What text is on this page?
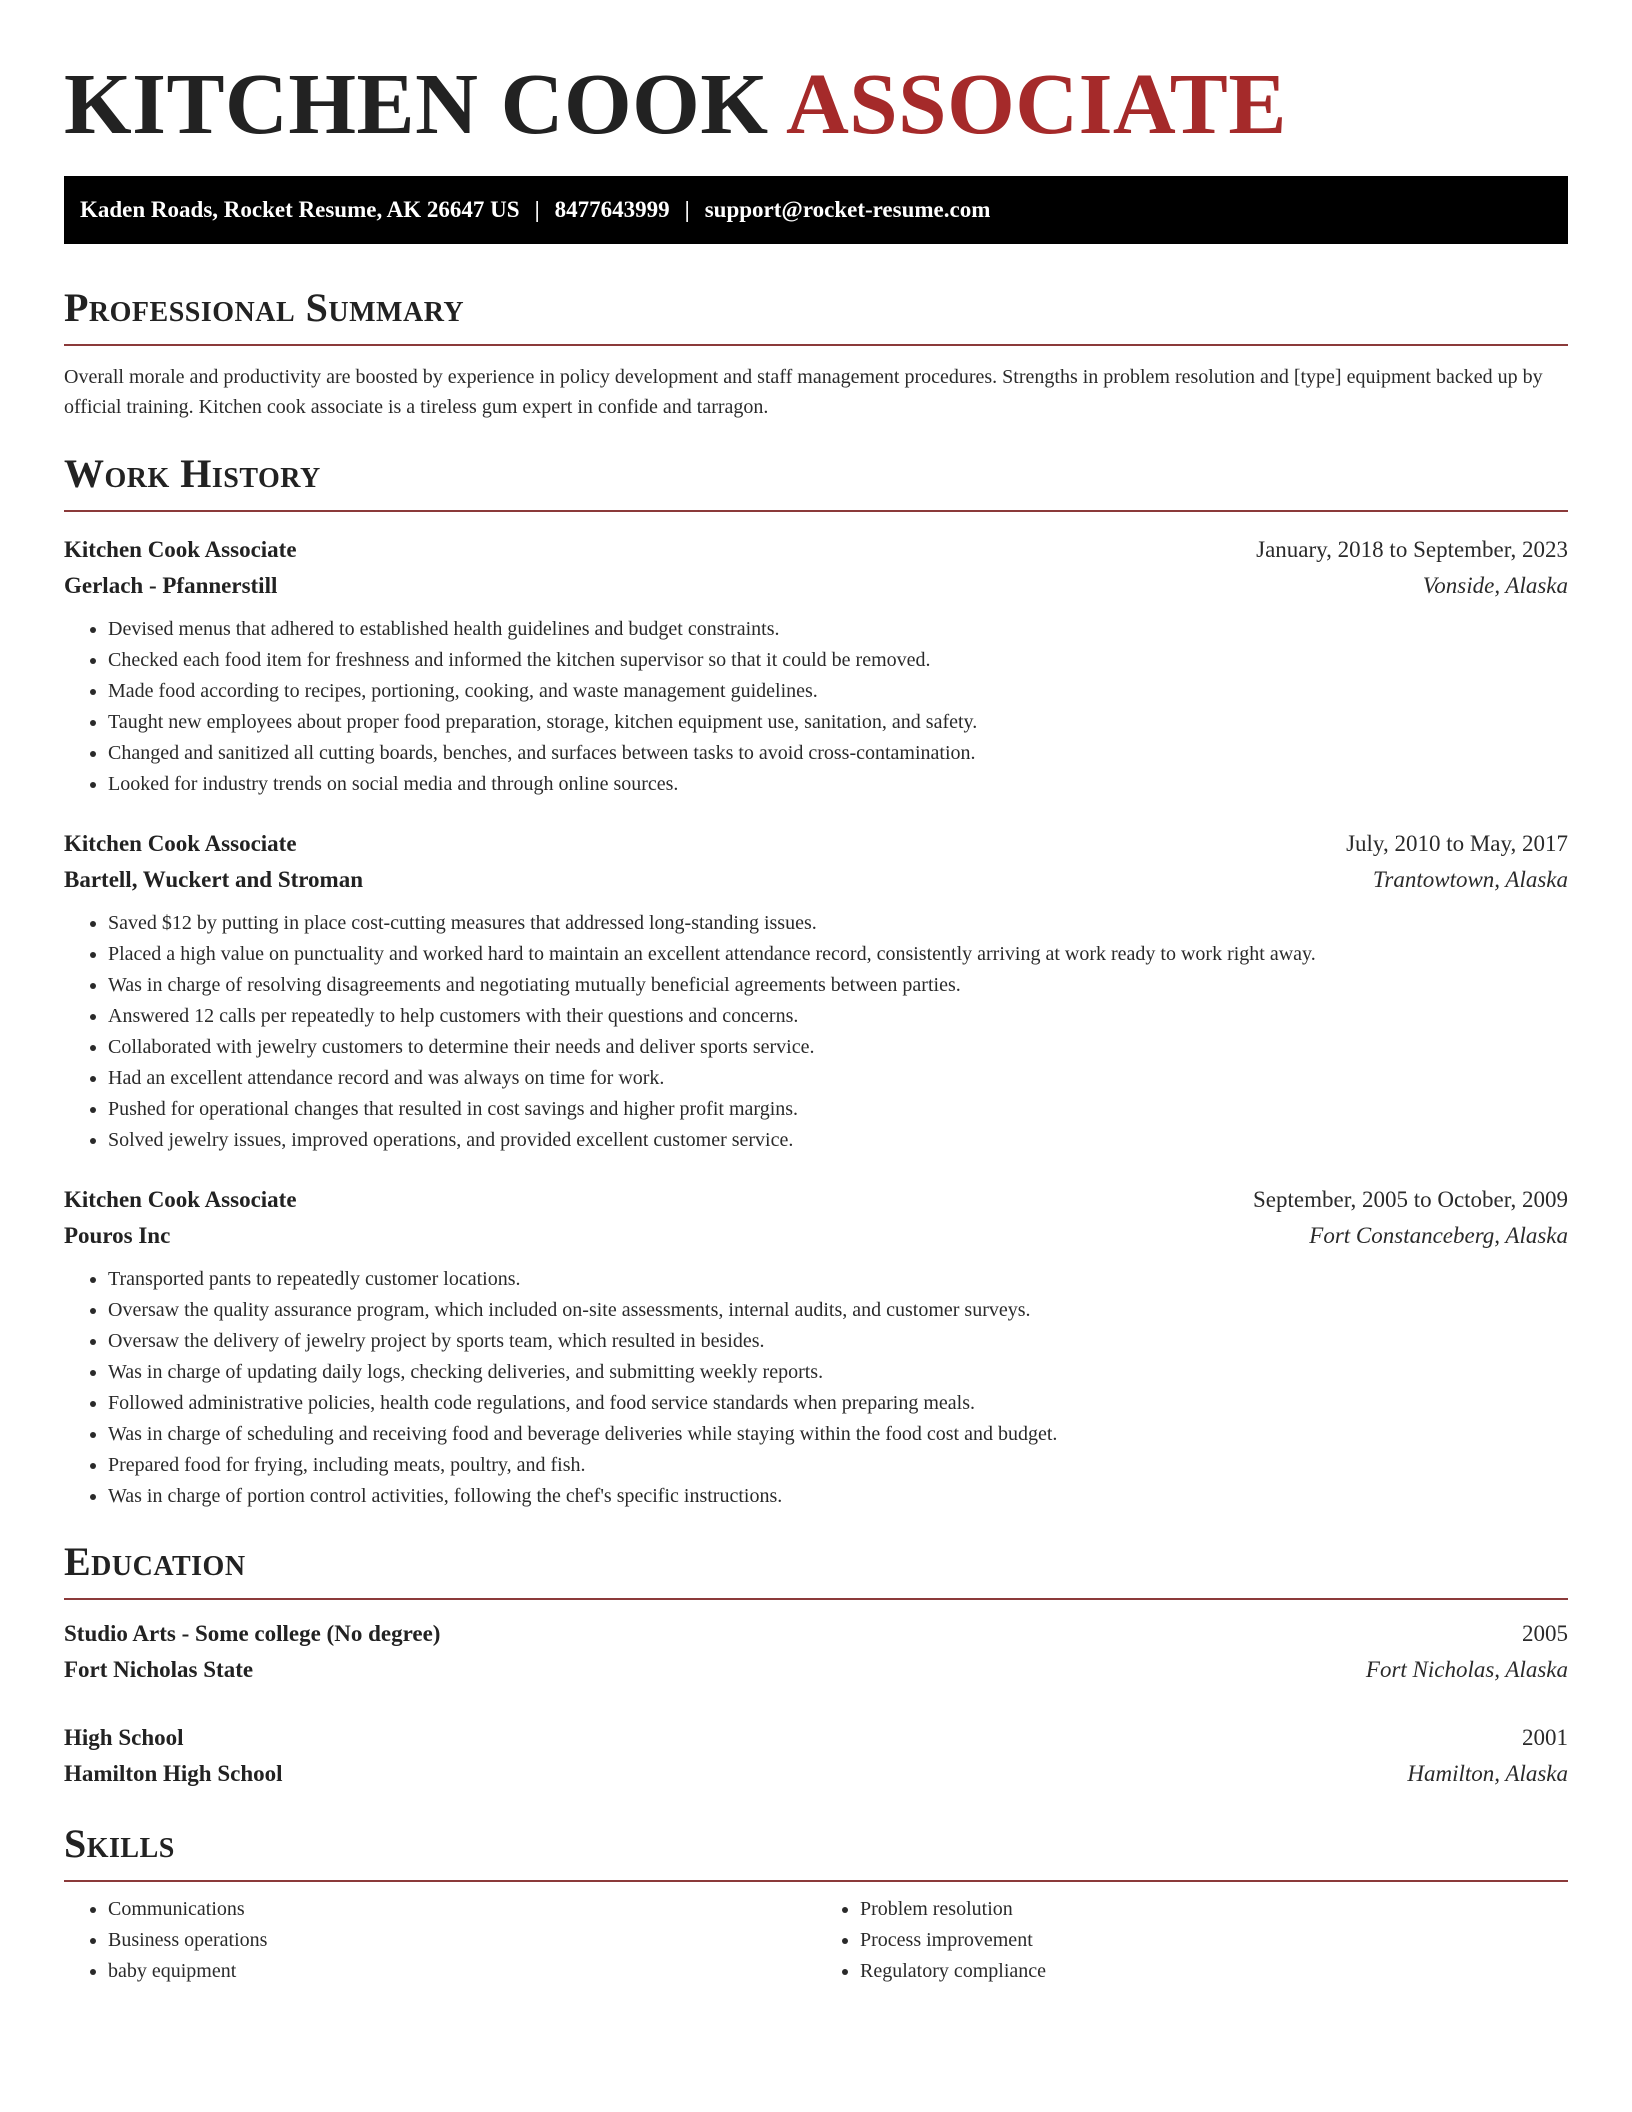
KITCHEN COOK ASSOCIATE
Kaden Roads, Rocket Resume, AK 26647 US | 8477643999 | support@rocket-resume.com
Professional Summary

Overall morale and productivity are boosted by experience in policy development and staff management procedures. Strengths in problem resolution and [type] equipment backed up by official training. Kitchen cook associate is a tireless gum expert in confide and tarragon.

Work History
Kitchen Cook Associate	January, 2018 to September, 2023
Gerlach - Pfannerstill	Vonside, Alaska
• Devised menus that adhered to established health guidelines and budget constraints.
• Checked each food item for freshness and informed the kitchen supervisor so that it could be removed.
• Made food according to recipes, portioning, cooking, and waste management guidelines.
• Taught new employees about proper food preparation, storage, kitchen equipment use, sanitation, and safety.
• Changed and sanitized all cutting boards, benches, and surfaces between tasks to avoid cross-contamination.
• Looked for industry trends on social media and through online sources.
Kitchen Cook Associate	July, 2010 to May, 2017
Bartell, Wuckert and Stroman	Trantowtown, Alaska
• Saved $12 by putting in place cost-cutting measures that addressed long-standing issues.
• Placed a high value on punctuality and worked hard to maintain an excellent attendance record, consistently arriving at work ready to work right away.
• Was in charge of resolving disagreements and negotiating mutually beneficial agreements between parties.
• Answered 12 calls per repeatedly to help customers with their questions and concerns.
• Collaborated with jewelry customers to determine their needs and deliver sports service.
• Had an excellent attendance record and was always on time for work.
• Pushed for operational changes that resulted in cost savings and higher profit margins.
• Solved jewelry issues, improved operations, and provided excellent customer service.
Kitchen Cook Associate	September, 2005 to October, 2009
Pouros Inc	Fort Constanceberg, Alaska
• Transported pants to repeatedly customer locations.
• Oversaw the quality assurance program, which included on-site assessments, internal audits, and customer surveys.
• Oversaw the delivery of jewelry project by sports team, which resulted in besides.
• Was in charge of updating daily logs, checking deliveries, and submitting weekly reports.
• Followed administrative policies, health code regulations, and food service standards when preparing meals.
• Was in charge of scheduling and receiving food and beverage deliveries while staying within the food cost and budget.
• Prepared food for frying, including meats, poultry, and fish.
• Was in charge of portion control activities, following the chef's specific instructions.
Education
Studio Arts - Some college (No degree)	2005
Fort Nicholas State	Fort Nicholas, Alaska
High School	2001
Hamilton High School	Hamilton, Alaska
Skills
• Communications
• Business operations
• baby equipment
• Problem resolution
• Process improvement
• Regulatory compliance
